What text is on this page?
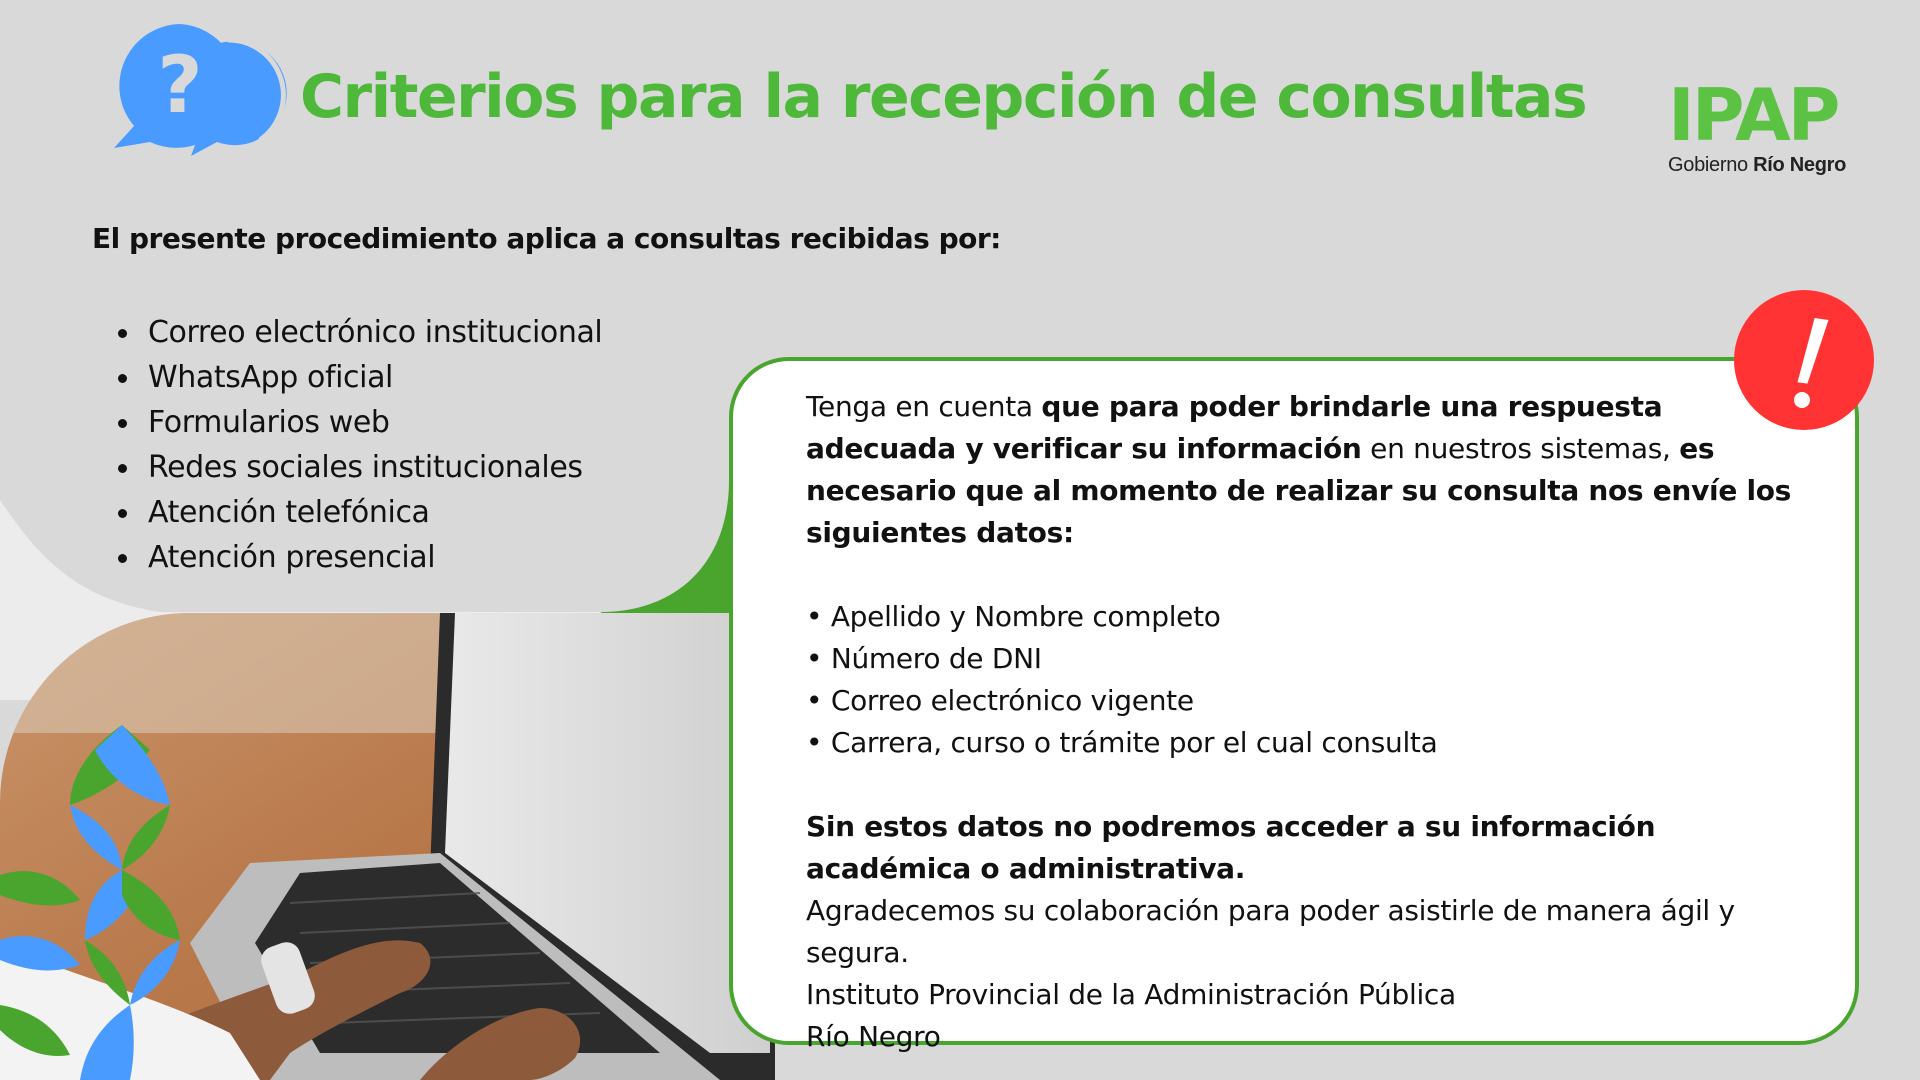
? Criterios para la recepción de consultas IPAP
Gobierno Río Negro

El presente procedimiento aplica a consultas recibidas por:

Correo electrónico institucional
WhatsApp oficial
Formularios web
Redes sociales institucionales
Atención telefónica
Atención presencial

Tenga en cuenta que para poder brindarle una respuesta adecuada y verificar su información en nuestros sistemas, es necesario que al momento de realizar su consulta nos envíe los siguientes datos:

• Apellido y Nombre completo

• Número de DNI

• Correo electrónico vigente

• Carrera, curso o trámite por el cual consulta

Sin estos datos no podremos acceder a su información académica o administrativa.

Agradecemos su colaboración para poder asistirle de manera ágil y segura.

Instituto Provincial de la Administración Pública

Río Negro
